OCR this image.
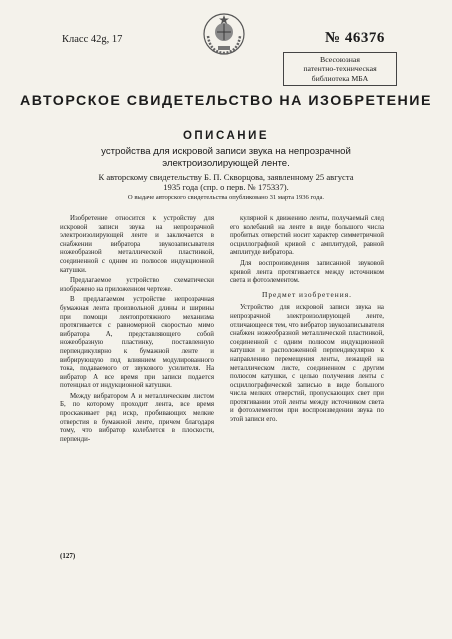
Класс 42g, 17	№ 46376
Всесоюзная
патентно-техническая
библиотека МБА
АВТОРСКОЕ СВИДЕТЕЛЬСТВО НА ИЗОБРЕТЕНИЕ
ОПИСАНИЕ
устройства для искровой записи звука на непрозрачной
электроизолирующей ленте.
К авторскому свидетельству Б. П. Скворцова, заявленному 25 августа
1935 года (спр. о перв. № 175337).
О выдаче авторского свидетельства опубликовано 31 марта 1936 года.

Изобретение относится к устройству для искровой записи звука на непрозрачной электроизолирующей ленте и заключается в снабжении вибратора звукозаписывателя ножеобразной металлической пластинкой, соединенной с одним из полюсов индукционной катушки.

Предлагаемое устройство схематически изображено на приложенном чертеже.

В предлагаемом устройстве непрозрачная бумажная лента произвольной длины и ширины при помощи лентопротяжного механизма протягивается с равномерной скоростью мимо вибратора А, представляющего собой ножеобразную пластинку, поставленную перпендикулярно к бумажной ленте и вибрирующую под влиянием модулированного тока, подаваемого от звукового усилителя. На вибратор А все время при записи подается потенциал от индукционной катушки.

Между вибратором А и металлическим листом Б, по которому проходит лента, все время проскакивает ряд искр, пробивающих мелкие отверстия в бумажной ленте, причем благодаря тому, что вибратор колеблется в плоскости, перпенди-

кулярной к движению ленты, получаемый след его колебаний на ленте в виде большого числа пробитых отверстий носит характер симметричной осциллографной кривой с амплитудой, равной амплитуде вибратора.

Для воспроизведения записанной звуковой кривой лента протягивается между источником света и фотоэлементом.

Предмет изобретения.

Устройство для искровой записи звука на непрозрачной электроизолирующей ленте, отличающееся тем, что вибратор звукозаписывателя снабжен ножеобразной металлической пластинкой, соединенной с одним полюсом индукционной катушки и расположенной перпендикулярно к направлению перемещения ленты, лежащей на металлическом листе, соединенном с другим полюсом катушки, с целью получения ленты с осциллографической записью в виде большого числа мелких отверстий, пропускающих свет при протягивании этой ленты между источником света и фотоэлементом при воспроизведении звука по этой записи его.

(127)
